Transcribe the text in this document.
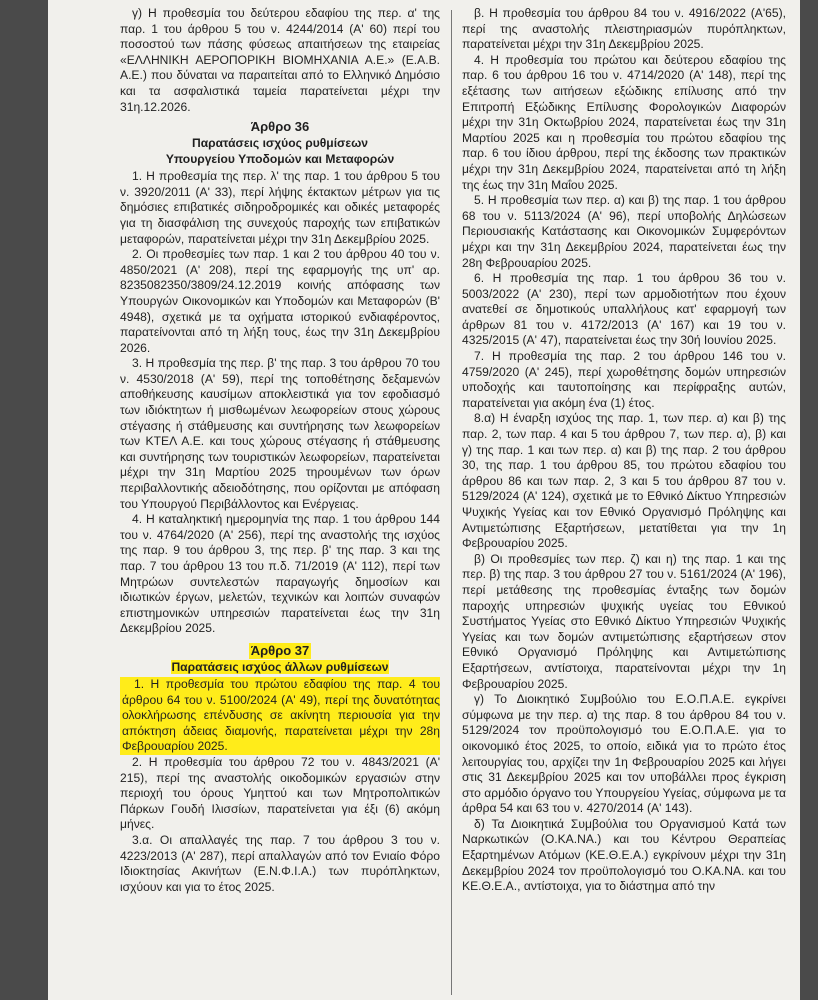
γ) Η προθεσμία του δεύτερου εδαφίου της περ. α' της παρ. 1 του άρθρου 5 του ν. 4244/2014 (Α' 60) περί του ποσοστού των πάσης φύσεως απαιτήσεων της εταιρείας «ΕΛΛΗΝΙΚΗ ΑΕΡΟΠΟΡΙΚΗ ΒΙΟΜΗΧΑΝΙΑ Α.Ε.» (Ε.Α.Β. Α.Ε.) που δύναται να παραιτείται από το Ελληνικό Δημόσιο και τα ασφαλιστικά ταμεία παρατείνεται μέχρι την 31η.12.2026.

Άρθρο 36
Παρατάσεις ισχύος ρυθμίσεων
Υπουργείου Υποδομών και Μεταφορών

1. Η προθεσμία της περ. λ' της παρ. 1 του άρθρου 5 του ν. 3920/2011 (Α' 33), περί λήψης έκτακτων μέτρων για τις δημόσιες επιβατικές σιδηροδρομικές και οδικές μεταφορές για τη διασφάλιση της συνεχούς παροχής των επιβατικών μεταφορών, παρατείνεται μέχρι την 31η Δεκεμβρίου 2025.

2. Οι προθεσμίες των παρ. 1 και 2 του άρθρου 40 του ν. 4850/2021 (Α' 208), περί της εφαρμογής της υπ' αρ. 8235082350/3809/24.12.2019 κοινής απόφασης των Υπουργών Οικονομικών και Υποδομών και Μεταφορών (Β' 4948), σχετικά με τα οχήματα ιστορικού ενδιαφέροντος, παρατείνονται από τη λήξη τους, έως την 31η Δεκεμβρίου 2026.

3. Η προθεσμία της περ. β' της παρ. 3 του άρθρου 70 του ν. 4530/2018 (Α' 59), περί της τοποθέτησης δεξαμενών αποθήκευσης καυσίμων αποκλειστικά για τον εφοδιασμό των ιδιόκτητων ή μισθωμένων λεωφορείων στους χώρους στέγασης ή στάθμευσης και συντήρησης των λεωφορείων των ΚΤΕΛ Α.Ε. και τους χώρους στέγασης ή στάθμευσης και συντήρησης των τουριστικών λεωφορείων, παρατείνεται μέχρι την 31η Μαρτίου 2025 τηρουμένων των όρων περιβαλλοντικής αδειοδότησης, που ορίζονται με απόφαση του Υπουργού Περιβάλλοντος και Ενέργειας.

4. Η καταληκτική ημερομηνία της παρ. 1 του άρθρου 144 του ν. 4764/2020 (Α' 256), περί της αναστολής της ισχύος της παρ. 9 του άρθρου 3, της περ. β' της παρ. 3 και της παρ. 7 του άρθρου 13 του π.δ. 71/2019 (Α' 112), περί των Μητρώων συντελεστών παραγωγής δημοσίων και ιδιωτικών έργων, μελετών, τεχνικών και λοιπών συναφών επιστημονικών υπηρεσιών παρατείνεται έως την 31η Δεκεμβρίου 2025.

Άρθρο 37
Παρατάσεις ισχύος άλλων ρυθμίσεων

1. Η προθεσμία του πρώτου εδαφίου της παρ. 4 του άρθρου 64 του ν. 5100/2024 (Α' 49), περί της δυνατότητας ολοκλήρωσης επένδυσης σε ακίνητη περιουσία για την απόκτηση άδειας διαμονής, παρατείνεται μέχρι την 28η Φεβρουαρίου 2025.

2. Η προθεσμία του άρθρου 72 του ν. 4843/2021 (Α' 215), περί της αναστολής οικοδομικών εργασιών στην περιοχή του όρους Υμηττού και των Μητροπολιτικών Πάρκων Γουδή Ιλισσίων, παρατείνεται για έξι (6) ακόμη μήνες.

3.α. Οι απαλλαγές της παρ. 7 του άρθρου 3 του ν. 4223/2013 (Α' 287), περί απαλλαγών από τον Ενιαίο Φόρο Ιδιοκτησίας Ακινήτων (Ε.Ν.Φ.Ι.Α.) των πυρόπληκτων, ισχύουν και για το έτος 2025.

β. Η προθεσμία του άρθρου 84 του ν. 4916/2022 (Α'65), περί της αναστολής πλειστηριασμών πυρόπληκτων, παρατείνεται μέχρι την 31η Δεκεμβρίου 2025.

4. Η προθεσμία του πρώτου και δεύτερου εδαφίου της παρ. 6 του άρθρου 16 του ν. 4714/2020 (Α' 148), περί της εξέτασης των αιτήσεων εξώδικης επίλυσης από την Επιτροπή Εξώδικης Επίλυσης Φορολογικών Διαφορών μέχρι την 31η Οκτωβρίου 2024, παρατείνεται έως την 31η Μαρτίου 2025 και η προθεσμία του πρώτου εδαφίου της παρ. 6 του ίδιου άρθρου, περί της έκδοσης των πρακτικών μέχρι την 31η Δεκεμβρίου 2024, παρατείνεται από τη λήξη της έως την 31η Μαΐου 2025.

5. Η προθεσμία των περ. α) και β) της παρ. 1 του άρθρου 68 του ν. 5113/2024 (Α' 96), περί υποβολής Δηλώσεων Περιουσιακής Κατάστασης και Οικονομικών Συμφερόντων μέχρι και την 31η Δεκεμβρίου 2024, παρατείνεται έως την 28η Φεβρουαρίου 2025.

6. Η προθεσμία της παρ. 1 του άρθρου 36 του ν. 5003/2022 (Α' 230), περί των αρμοδιοτήτων που έχουν ανατεθεί σε δημοτικούς υπαλλήλους κατ' εφαρμογή των άρθρων 81 του ν. 4172/2013 (Α' 167) και 19 του ν. 4325/2015 (Α' 47), παρατείνεται έως την 30ή Ιουνίου 2025.

7. Η προθεσμία της παρ. 2 του άρθρου 146 του ν. 4759/2020 (Α' 245), περί χωροθέτησης δομών υπηρεσιών υποδοχής και ταυτοποίησης και περίφραξης αυτών, παρατείνεται για ακόμη ένα (1) έτος.

8.α) Η έναρξη ισχύος της παρ. 1, των περ. α) και β) της παρ. 2, των παρ. 4 και 5 του άρθρου 7, των περ. α), β) και γ) της παρ. 1 και των περ. α) και β) της παρ. 2 του άρθρου 30, της παρ. 1 του άρθρου 85, του πρώτου εδαφίου του άρθρου 86 και των παρ. 2, 3 και 5 του άρθρου 87 του ν. 5129/2024 (Α' 124), σχετικά με το Εθνικό Δίκτυο Υπηρεσιών Ψυχικής Υγείας και τον Εθνικό Οργανισμό Πρόληψης και Αντιμετώπισης Εξαρτήσεων, μετατίθεται για την 1η Φεβρουαρίου 2025.

β) Οι προθεσμίες των περ. ζ) και η) της παρ. 1 και της περ. β) της παρ. 3 του άρθρου 27 του ν. 5161/2024 (Α' 196), περί μετάθεσης της προθεσμίας ένταξης των δομών παροχής υπηρεσιών ψυχικής υγείας του Εθνικού Συστήματος Υγείας στο Εθνικό Δίκτυο Υπηρεσιών Ψυχικής Υγείας και των δομών αντιμετώπισης εξαρτήσεων στον Εθνικό Οργανισμό Πρόληψης και Αντιμετώπισης Εξαρτήσεων, αντίστοιχα, παρατείνονται μέχρι την 1η Φεβρουαρίου 2025.

γ) Το Διοικητικό Συμβούλιο του Ε.Ο.Π.Α.Ε. εγκρίνει σύμφωνα με την περ. α) της παρ. 8 του άρθρου 84 του ν. 5129/2024 τον προϋπολογισμό του Ε.Ο.Π.Α.Ε. για το οικονομικό έτος 2025, το οποίο, ειδικά για το πρώτο έτος λειτουργίας του, αρχίζει την 1η Φεβρουαρίου 2025 και λήγει στις 31 Δεκεμβρίου 2025 και τον υποβάλλει προς έγκριση στο αρμόδιο όργανο του Υπουργείου Υγείας, σύμφωνα με τα άρθρα 54 και 63 του ν. 4270/2014 (Α' 143).

δ) Τα Διοικητικά Συμβούλια του Οργανισμού Κατά των Ναρκωτικών (Ο.ΚΑ.ΝΑ.) και του Κέντρου Θεραπείας Εξαρτημένων Ατόμων (ΚΕ.Θ.Ε.Α.) εγκρίνουν μέχρι την 31η Δεκεμβρίου 2024 τον προϋπολογισμό του Ο.ΚΑ.ΝΑ. και του ΚΕ.Θ.Ε.Α., αντίστοιχα, για το διάστημα από την
